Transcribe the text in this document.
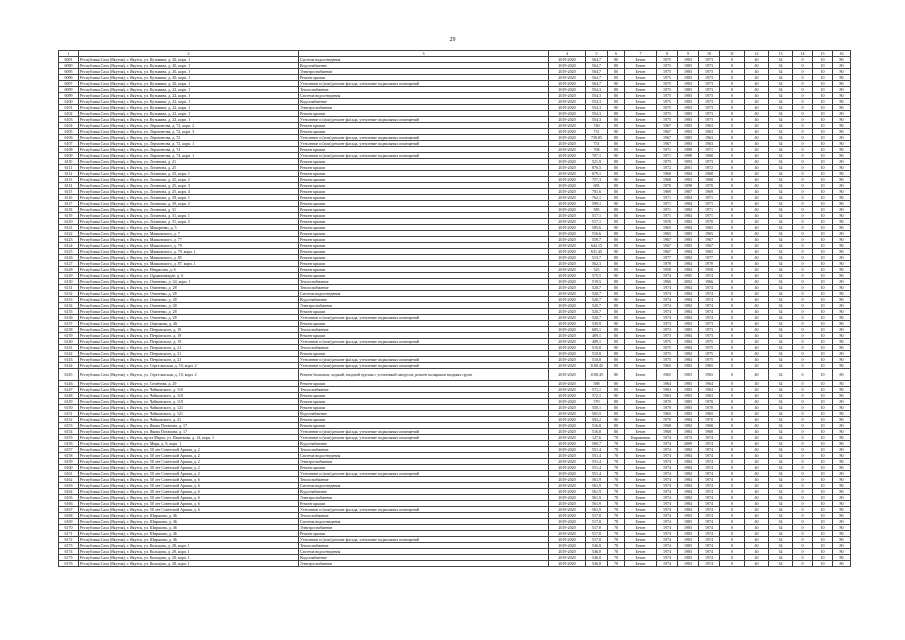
29
1	2	3	4	5	6	7	8	9	10	11	12	13	14	15	16
6091	Республика Саха (Якутия), г. Якутск, ул. Кузьмина, д. 20, корп. 1	Система водоотведения	2019-2020	564,7	80	Бетон	1975	1983	1973	0	40	34	0	10	80
6090	Республика Саха (Якутия), г. Якутск, ул. Кузьмина, д. 20, корп. 1	Водоснабжение	2019-2020	564,7	80	Бетон	1975	1983	1973	0	40	34	0	10	80
6095	Республика Саха (Якутия), г. Якутск, ул. Кузьмина, д. 20, корп. 1	Электроснабжение	2019-2020	564,7	80	Бетон	1975	1983	1973	0	40	34	0	10	80
6096	Республика Саха (Якутия), г. Якутск, ул. Кузьмина, д. 20, корп. 1	Ремонт крыши	2019-2020	564,7	80	Бетон	1975	1983	1973	0	40	34	0	10	80
6097	Республика Саха (Якутия), г. Якутск, ул. Кузьмина, д. 20, корп. 1	Утепление и (или) ремонт фасада, утепление подвальных помещений	2019-2020	564,7	80	Бетон	1975	1983	1973	0	40	34	0	10	80
6099	Республика Саха (Якутия), г. Якутск, ул. Кузьмина, д. 22, корп. 1	Теплоснабжение	2019-2020	554,3	80	Бетон	1975	1983	1973	0	40	34	0	10	80
6099	Республика Саха (Якутия), г. Якутск, ул. Кузьмина, д. 22, корп. 1	Система водоотведения	2019-2020	554,3	80	Бетон	1975	1983	1973	0	40	34	0	10	80
6100	Республика Саха (Якутия), г. Якутск, ул. Кузьмина, д. 22, корп. 1	Водоснабжение	2019-2020	554,3	80	Бетон	1975	1983	1973	0	40	34	0	10	80
6101	Республика Саха (Якутия), г. Якутск, ул. Кузьмина, д. 22, корп. 1	Электроснабжение	2019-2020	554,3	80	Бетон	1975	1983	1973	0	40	34	0	10	80
6102	Республика Саха (Якутия), г. Якутск, ул. Кузьмина, д. 22, корп. 1	Ремонт крыши	2019-2020	554,3	80	Бетон	1975	1983	1973	0	40	34	0	10	80
6103	Республика Саха (Якутия), г. Якутск, ул. Кузьмина, д. 22, корп. 1	Утепление и (или) ремонт фасада, утепление подвальных помещений	2019-2020	554,3	80	Бетон	1975	1983	1973	0	40	34	0	10	80
6104	Республика Саха (Якутия), г. Якутск, ул. Лермонтова, д. 72, корп. 2	Ремонт крыши	2019-2020	740	80	Бетон	1967	1983	1963	0	40	34	0	10	80
6105	Республика Саха (Якутия), г. Якутск, ул. Лермонтова, д. 72, корп. 3	Ремонт крыши	2019-2020	731	80	Бетон	1967	1983	1963	0	40	34	0	10	80
6106	Республика Саха (Якутия), г. Якутск, ул. Лермонтова, д. 72	Утепление и (или) ремонт фасада, утепление подвальных помещений	2019-2020	739,85	80	Бетон	1967	1983	1963	0	40	34	0	10	80
6107	Республика Саха (Якутия), г. Якутск, ул. Лермонтова, д. 72, корп. 1	Утепление и (или) ремонт фасада, утепление подвальных помещений	2019-2020	731	80	Бетон	1967	1983	1963	0	40	34	0	10	80
6108	Республика Саха (Якутия), г. Якутск, ул. Лермонтова, д. 74	Ремонт крыши	2019-2020	708	80	Бетон	1971	1988	1971	0	40	34	0	10	80
6109	Республика Саха (Якутия), г. Якутск, ул. Лермонтова, д. 74, корп. 1	Утепление и (или) ремонт фасада, утепление подвальных помещений	2019-2020	707,1	80	Бетон	1971	1988	1968	0	40	34	0	10	80
6110	Республика Саха (Якутия), г. Якутск, ул. Логинова, д. 21	Ремонт крыши	2019-2020	521,9	80	Бетон	1975	1993	1973	0	40	34	0	10	80
6111	Республика Саха (Якутия), г. Якутск, ул. Логинова, д. 25	Ремонт крыши	2019-2020	876,5	80	Бетон	1972	2001	1972	0	40	34	0	10	80
6112	Республика Саха (Якутия), г. Якутск, ул. Логинова, д. 25, корп. 1	Ремонт крыши	2019-2020	679,1	80	Бетон	1968	1984	1968	0	40	34	0	10	80
6113	Республика Саха (Якутия), г. Якутск, ул. Логинова, д. 25, корп. 2	Ремонт крыши	2019-2020	757,3	80	Бетон	1968	1983	1968	0	40	34	0	10	80
6114	Республика Саха (Якутия), г. Якутск, ул. Логинова, д. 25, корп. 3	Ремонт крыши	2019-2020	685	80	Бетон	1970	1998	1970	0	40	34	0	10	80
6115	Республика Саха (Якутия), г. Якутск, ул. Логинова, д. 25, корп. 4	Ремонт крыши	2019-2020	701,6	80	Бетон	1969	1987	1969	0	40	34	0	10	80
6116	Республика Саха (Якутия), г. Якутск, ул. Логинова, д. 29, корп. 1	Ремонт крыши	2019-2020	762,1	80	Бетон	1971	1984	1971	0	40	34	0	10	80
6117	Республика Саха (Якутия), г. Якутск, ул. Логинова, д. 29, корп. 2	Ремонт крыши	2019-2020	599,1	80	Бетон	1971	1984	1971	0	40	34	0	10	80
6118	Республика Саха (Якутия), г. Якутск, ул. Логинова, д. 31	Ремонт крыши	2019-2020	585	80	Бетон	1971	1984	1971	0	40	34	0	10	80
6119	Республика Саха (Якутия), г. Якутск, ул. Логинова, д. 31, корп. 1	Ремонт крыши	2019-2020	517,1	80	Бетон	1971	1984	1971	0	40	34	0	10	80
6120	Республика Саха (Якутия), г. Якутск, ул. Логинова, д. 31, корп. 2	Ремонт крыши	2019-2020	517,1	80	Бетон	1970	1983	1970	0	40	34	0	10	80
6121	Республика Саха (Якутия), г. Якутск, ул. Макаренко, д. 5	Ремонт крыши	2019-2020	585,6	80	Бетон	1965	1984	1965	0	40	34	0	10	80
6122	Республика Саха (Якутия), г. Якутск, ул. Маяковского, д. 7	Ремонт крыши	2019-2020	516,6	80	Бетон	1965	1983	1965	0	40	34	0	10	80
6123	Республика Саха (Якутия), г. Якутск, ул. Маяковского, д. 77	Ремонт крыши	2019-2020	559,7	80	Бетон	1967	1983	1967	0	40	34	0	10	80
6124	Республика Саха (Якутия), г. Якутск, ул. Маяковского, д. 79	Ремонт крыши	2019-2020	642,15	80	Бетон	1967	1983	1967	0	40	34	0	10	80
6125	Республика Саха (Якутия), г. Якутск, ул. Маяковского, д. 79, корп. 1	Ремонт крыши	2019-2020	631,45	80	Бетон	1967	1984	1965	0	40	34	0	10	80
6126	Республика Саха (Якутия), г. Якутск, ул. Маяковского, д. 85	Ремонт крыши	2019-2020	513,7	80	Бетон	1977	1984	1977	0	40	34	0	10	80
6127	Республика Саха (Якутия), г. Якутск, ул. Маяковского, д. 87, корп. 1	Ремонт крыши	2019-2020	562,3	80	Бетон	1978	1984	1978	0	40	34	0	10	80
6128	Республика Саха (Якутия), г. Якутск, ул. Некрасова, д. 6	Ремонт крыши	2019-2020	525	80	Бетон	1958	1984	1958	0	40	34	0	10	80
6129	Республика Саха (Якутия), г. Якутск, ул. Орджоникидзе, д. 6	Ремонт крыши	2019-2020	575,5	80	Бетон	1974	1985	1974	0	40	34	0	10	80
6130	Республика Саха (Якутия), г. Якутск, ул. Очиченко, д. 24, корп. 1	Теплоснабжение	2019-2020	519,5	80	Бетон	1966	2002	1966	0	40	34	0	10	80
6131	Республика Саха (Якутия), г. Якутск, ул. Очиченко, д. 28	Теплоснабжение	2019-2020	520,7	80	Бетон	1974	1984	1974	0	40	34	0	10	80
6132	Республика Саха (Якутия), г. Якутск, ул. Очиченко, д. 28	Система водоотведения	2019-2020	520,7	80	Бетон	1974	1984	1974	0	40	34	0	10	80
6133	Республика Саха (Якутия), г. Якутск, ул. Очиченко, д. 28	Водоснабжение	2019-2020	520,7	80	Бетон	1974	1984	1974	0	40	34	0	10	80
6134	Республика Саха (Якутия), г. Якутск, ул. Очиченко, д. 28	Электроснабжение	2019-2020	520,7	80	Бетон	1974	1984	1974	0	40	34	0	10	80
6135	Республика Саха (Якутия), г. Якутск, ул. Очиченко, д. 28	Ремонт крыши	2019-2020	520,7	80	Бетон	1974	1984	1974	0	40	34	0	10	80
6136	Республика Саха (Якутия), г. Якутск, ул. Очиченко, д. 28	Утепление и (или) ремонт фасада, утепление подвальных помещений	2019-2020	520,7	80	Бетон	1974	1984	1974	0	40	34	0	10	80
6137	Республика Саха (Якутия), г. Якутск, ул. Ощепкова, д. 46	Ремонт крыши	2019-2020	539,9	80	Бетон	1973	1983	1973	0	40	34	0	10	80
6138	Республика Саха (Якутия), г. Якутск, ул. Петровского, д. 19	Теплоснабжение	2019-2020	685,1	80	Бетон	1973	1983	1973	0	40	34	0	10	80
6139	Республика Саха (Якутия), г. Якутск, ул. Петровского, д. 19	Ремонт крыши	2019-2020	489,1	80	Бетон	1973	1984	1973	0	40	34	0	10	80
6140	Республика Саха (Якутия), г. Якутск, ул. Петровского, д. 19	Утепление и (или) ремонт фасада, утепление подвальных помещений	2019-2020	489,1	80	Бетон	1975	1984	1975	0	40	34	0	10	80
6141	Республика Саха (Якутия), г. Якутск, ул. Петровского, д. 21	Теплоснабжение	2019-2020	510,8	80	Бетон	1975	1984	1975	0	40	34	0	10	80
6142	Республика Саха (Якутия), г. Якутск, ул. Петровского, д. 21	Ремонт крыши	2019-2020	510,8	80	Бетон	1975	1984	1975	0	40	34	0	10	80
6143	Республика Саха (Якутия), г. Якутск, ул. Петровского, д. 21	Утепление и (или) ремонт фасада, утепление подвальных помещений	2019-2020	510,8	80	Бетон	1975	1984	1975	0	40	34	0	10	80
6144	Республика Саха (Якутия), г. Якутск, ул. Сергеляхская, д. 10, корп. 2	Утепление и (или) ремонт фасада, утепление подвальных помещений	2019-2020	1108,45	80	Бетон	1965	1983	1965	0	40	34	0	10	80
6145	Республика Саха (Якутия), г. Якутск, ул. Сергеляхская, д. 10, корп. 2	Ремонт балконов, лоджий, входной группы с установкой пандусов, ремонт козырьков входных групп	2019-2020	1108,45	80	Бетон	1965	1983	1965	0	40	34	0	10	80
6146	Республика Саха (Якутия), г. Якутск, ул. Семёнова, д. 29	Ремонт крыши	2019-2020	588	80	Бетон	1964	1983	1964	0	40	34	0	10	80
6147	Республика Саха (Якутия), г. Якутск, ул. Чайковского, д. 110	Теплоснабжение	2019-2020	572,1	80	Бетон	1963	1983	1963	0	40	34	0	10	80
6148	Республика Саха (Якутия), г. Якутск, ул. Чайковского, д. 110	Ремонт крыши	2019-2020	572,1	80	Бетон	1963	1983	1963	0	40	34	0	10	80
6149	Республика Саха (Якутия), г. Якутск, ул. Чайковского, д. 119	Ремонт крыши	2019-2020	570	80	Бетон	1970	1983	1970	0	40	34	0	10	80
6150	Республика Саха (Якутия), г. Якутск, ул. Чайковского, д. 121	Ремонт крыши	2019-2020	550,1	80	Бетон	1970	1983	1970	0	40	34	0	10	80
6151	Республика Саха (Якутия), г. Якутск, ул. Чайковского, д. 121	Водоснабжение	2019-2020	565,5	80	Бетон	1965	1983	1965	0	40	34	0	10	80
6152	Республика Саха (Якутия), г. Якутск, ул. Чайковского, д. 21	Ремонт крыши	2019-2020	592,2	80	Бетон	1970	1984	1970	0	40	34	0	10	80
6153	Республика Саха (Якутия), г. Якутск, ул. Якова Потапова, д. 17	Ремонт крыши	2019-2020	516,8	80	Бетон	1968	1984	1968	0	40	34	0	10	80
6154	Республика Саха (Якутия), г. Якутск, ул. Якова Потапова, д. 17	Утепление и (или) ремонт фасада, утепление подвальных помещений	2019-2020	516,8	80	Бетон	1968	1984	1968	0	40	34	0	10	80
6155	Республика Саха (Якутия), г. Якутск, пр-кт Марта, ул. Пакаткова, д. 14, корп. 1	Утепление и (или) ремонт фасада, утепление подвальных помещений	2019-2020	127,6	78	Кирпичная	1974	1974	1974	0	40	34	0	10	80
6156	Республика Саха (Якутия), г. Якутск, ул. Мира, д. 8, корп. 1	Водоснабжение	2019-2020	569,7	78	Бетон	1974	2009	1974	0	40	34	0	10	80
6157	Республика Саха (Якутия), г. Якутск, ул. 50 лет Советской Армии, д. 2	Теплоснабжение	2019-2020	551,4	78	Бетон	1974	1984	1974	0	40	34	0	10	80
6158	Республика Саха (Якутия), г. Якутск, ул. 50 лет Советской Армии, д. 2	Система водоотведения	2019-2020	551,4	78	Бетон	1974	1984	1974	0	40	34	0	10	80
6159	Республика Саха (Якутия), г. Якутск, ул. 50 лет Советской Армии, д. 2	Электроснабжение	2019-2020	551,4	78	Бетон	1974	1984	1974	0	40	34	0	10	80
6160	Республика Саха (Якутия), г. Якутск, ул. 50 лет Советской Армии, д. 2	Ремонт крыши	2019-2020	551,4	78	Бетон	1974	1984	1974	0	40	34	0	10	80
6161	Республика Саха (Якутия), г. Якутск, ул. 50 лет Советской Армии, д. 2	Утепление и (или) ремонт фасада, утепление подвальных помещений	2019-2020	551,4	78	Бетон	1974	1984	1974	0	40	34	0	10	80
6162	Республика Саха (Якутия), г. Якутск, ул. 50 лет Советской Армии, д. 6	Теплоснабжение	2019-2020	561,9	78	Бетон	1974	1984	1974	0	40	34	0	10	80
6163	Республика Саха (Якутия), г. Якутск, ул. 50 лет Советской Армии, д. 6	Система водоотведения	2019-2020	561,9	78	Бетон	1974	1984	1974	0	40	34	0	10	80
6164	Республика Саха (Якутия), г. Якутск, ул. 50 лет Советской Армии, д. 6	Водоснабжение	2019-2020	561,9	78	Бетон	1974	1984	1974	0	40	34	0	10	80
6165	Республика Саха (Якутия), г. Якутск, ул. 50 лет Советской Армии, д. 6	Электроснабжение	2019-2020	561,9	78	Бетон	1974	1984	1974	0	40	34	0	10	80
6166	Республика Саха (Якутия), г. Якутск, ул. 50 лет Советской Армии, д. 6	Ремонт крыши	2019-2020	561,9	78	Бетон	1974	1984	1974	0	40	34	0	10	80
6167	Республика Саха (Якутия), г. Якутск, ул. 50 лет Советской Армии, д. 6	Утепление и (или) ремонт фасада, утепление подвальных помещений	2019-2020	561,9	78	Бетон	1974	1984	1974	0	40	34	0	10	80
6168	Республика Саха (Якутия), г. Якутск, ул. Ширшова, д. 46	Теплоснабжение	2019-2020	517,8	78	Бетон	1974	1983	1974	0	40	34	0	10	80
6169	Республика Саха (Якутия), г. Якутск, ул. Ширшова, д. 46	Система водоотведения	2019-2020	517,8	78	Бетон	1974	1983	1974	0	40	34	0	10	80
6170	Республика Саха (Якутия), г. Якутск, ул. Ширшова, д. 46	Электроснабжение	2019-2020	517,8	78	Бетон	1974	1983	1974	0	40	34	0	10	80
6171	Республика Саха (Якутия), г. Якутск, ул. Ширшова, д. 46	Ремонт крыши	2019-2020	517,8	78	Бетон	1974	1983	1974	0	40	34	0	10	80
6172	Республика Саха (Якутия), г. Якутск, ул. Ширшова, д. 46	Утепление и (или) ремонт фасада, утепление подвальных помещений	2019-2020	517,8	78	Бетон	1974	1983	1974	0	40	34	0	10	80
6173	Республика Саха (Якутия), г. Якутск, ул. Кольцова, д. 28, корп. 1	Теплоснабжение	2019-2020	546,8	78	Бетон	1974	1983	1974	0	40	34	0	10	80
6174	Республика Саха (Якутия), г. Якутск, ул. Кольцова, д. 28, корп. 1	Система водоотведения	2019-2020	546,8	78	Бетон	1974	1983	1974	0	40	34	0	10	80
6175	Республика Саха (Якутия), г. Якутск, ул. Кольцова, д. 28, корп. 1	Водоснабжение	2019-2020	546,8	78	Бетон	1974	1983	1974	0	40	34	0	10	80
6176	Республика Саха (Якутия), г. Якутск, ул. Кольцова, д. 28, корп. 1	Электроснабжение	2019-2020	546,8	78	Бетон	1974	1983	1974	0	40	34	0	10	80
